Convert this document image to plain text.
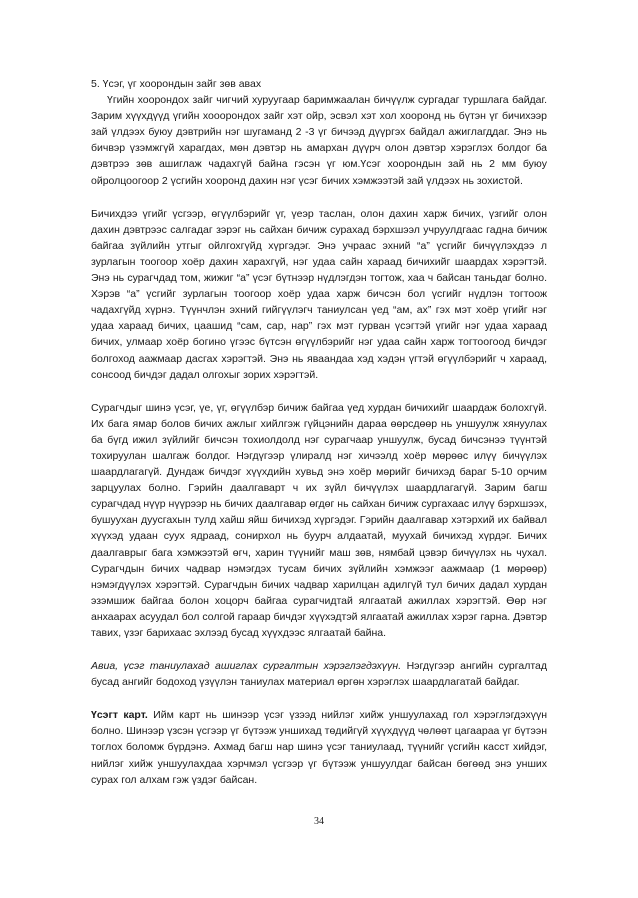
5. Үсэг, үг хоорондын зайг зөв авах

Үгийн хоорондох зайг чигчий хуруугаар баримжаалан бичүүлж сургадаг туршлага байдаг. Зарим хүүхдүүд үгийн хооорондох зайг хэт ойр, эсвэл хэт хол хооронд нь бүтэн үг бичихээр зай үлдээх буюу дэвтрийн нэг шугаманд 2 -3 үг бичээд дүүргэх байдал ажиглагддаг. Энэ нь бичвэр үзэмжгүй харагдах, мөн дэвтэр нь амархан дүүрч олон дэвтэр хэрэглэх болдог ба дэвтрээ зөв ашиглаж чадахгүй байна гэсэн үг юм.Үсэг хоорондын зай нь 2 мм буюу ойролцоогоор 2 үсгийн хооронд дахин нэг үсэг бичих хэмжээтэй зай үлдээх нь зохистой.

Бичихдээ үгийг үсгээр, өгүүлбэрийг үг, үеэр таслан, олон дахин харж бичих, үзгийг олон дахин дэвтрээс салгадаг зэрэг нь сайхан бичиж сурахад бэрхшээл учруулдгаас гадна бичиж байгаа зүйлийн утгыг ойлгохгүйд хүргэдэг. Энэ учраас эхний “а” үсгийг бичүүлэхдээ л зурлагын тоогоор хоёр дахин харахгүй, нэг удаа сайн хараад бичихийг шаардах хэрэгтэй. Энэ нь сурагчдад том, жижиг “а” үсэг бүтнээр нүдлэгдэн тогтож, хаа ч байсан таньдаг болно. Хэрэв “а” үсгийг зурлагын тоогоор хоёр удаа харж бичсэн бол үсгийг нүдлэн тогтоож чадахгүйд хүрнэ. Түүнчлэн эхний гийгүүлэгч таниулсан үед “ам, ах” гэх мэт хоёр үгийг нэг удаа хараад бичих, цаашид “сам, сар, нар” гэх мэт гурван үсэгтэй үгийг нэг удаа хараад бичих, улмаар хоёр богино үгээс бүтсэн өгүүлбэрийг нэг удаа сайн харж тогтоогоод бичдэг болгоход аажмаар дасгах хэрэгтэй. Энэ нь яваандаа хэд хэдэн үгтэй өгүүлбэрийг ч хараад, сонсоод бичдэг дадал олгохыг зорих хэрэгтэй.

Сурагчдыг шинэ үсэг, үе, үг, өгүүлбэр бичиж байгаа үед хурдан бичихийг шаардаж болохгүй. Их бага ямар болов бичих ажлыг хийлгэж гүйцэнийн дараа өөрсдөөр нь уншуулж хянуулах ба бүгд ижил зүйлийг бичсэн тохиолдолд нэг сурагчаар уншуулж, бусад бичсэнээ түүнтэй тохируулан шалгаж болдог. Нэгдүгээр үлиралд нэг хичээлд хоёр мөрөөс илүү бичүүлэх шаардлагагүй. Дундаж бичдэг хүүхдийн хувьд энэ хоёр мөрийг бичихэд бараг 5-10 орчим зарцуулах болно. Гэрийн даалгаварт ч их зүйл бичүүлэх шаардлагагүй. Зарим багш сурагчдад нүүр нүүрээр нь бичих даалгавар өгдөг нь сайхан бичиж сургахаас илүү бэрхшээх, бушуухан дуусгахын тулд хайш яйш бичихэд хүргэдэг. Гэрийн даалгавар хэтэрхий их байвал хүүхэд удаан суух ядраад, сонирхол нь буурч алдаатай, муухай бичихэд хүрдэг. Бичих даалгаврыг бага хэмжээтэй өгч, харин түүнийг маш зөв, нямбай цэвэр бичүүлэх нь чухал. Сурагчдын бичих чадвар нэмэгдэх тусам бичих зүйлийн хэмжээг аажмаар (1 мөрөөр) нэмэгдүүлэх хэрэгтэй. Сурагчдын бичих чадвар харилцан адилгүй тул бичих дадал хурдан эзэмшиж байгаа болон хоцорч байгаа сурагчидтай ялгаатай ажиллах хэрэгтэй. Өөр нэг анхаарах асуудал бол солгой гараар бичдэг хүүхэдтэй ялгаатай ажиллах хэрэг гарна. Дэвтэр тавих, үзэг барихаас эхлээд бусад хүүхдээс ялгаатай байна.

Авиа, үсэг таниулахад ашиглах сургалтын хэрэглэгдэхүүн. Нэгдүгээр ангийн сургалтад бусад ангийг бодоход үзүүлэн таниулах материал өргөн хэрэглэх шаардлагатай байдаг.

Үсэгт карт. Ийм карт нь шинээр үсэг үзээд нийлэг хийж уншуулахад гол хэрэглэгдэхүүн болно. Шинээр үзсэн үсгээр үг бүтээж уншихад төдийгүй хүүхдүүд чөлөөт цагаараа үг бүтээн тоглох боломж бүрдэнэ. Ахмад багш нар шинэ үсэг таниулаад, түүнийг үсгийн касст хийдэг, нийлэг хийж уншуулахдаа хэрчмэл үсгээр үг бүтээж уншуулдаг байсан бөгөөд энэ унших сурах гол алхам гэж үздэг байсан.

34
